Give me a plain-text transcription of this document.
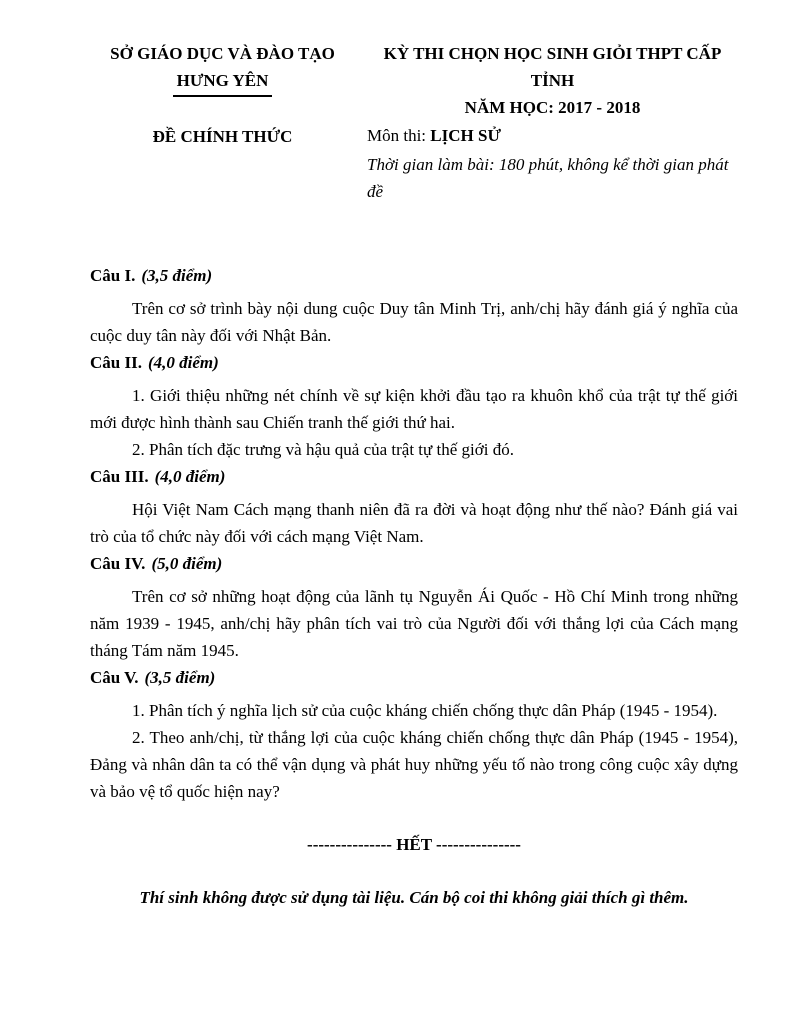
SỞ GIÁO DỤC VÀ ĐÀO TẠO
HƯNG YÊN
ĐỀ CHÍNH THỨC
KỲ THI CHỌN HỌC SINH GIỎI THPT CẤP TỈNH
NĂM HỌC: 2017 - 2018
Môn thi: LỊCH SỬ
Thời gian làm bài: 180 phút, không kể thời gian phát đề

Câu I. (3,5 điểm)

Trên cơ sở trình bày nội dung cuộc Duy tân Minh Trị, anh/chị hãy đánh giá ý nghĩa của cuộc duy tân này đối với Nhật Bản.

Câu II. (4,0 điểm)

1. Giới thiệu những nét chính về sự kiện khởi đầu tạo ra khuôn khổ của trật tự thế giới mới được hình thành sau Chiến tranh thế giới thứ hai.

2. Phân tích đặc trưng và hậu quả của trật tự thế giới đó.

Câu III. (4,0 điểm)

Hội Việt Nam Cách mạng thanh niên đã ra đời và hoạt động như thế nào? Đánh giá vai trò của tổ chức này đối với cách mạng Việt Nam.

Câu IV. (5,0 điểm)

Trên cơ sở những hoạt động của lãnh tụ Nguyễn Ái Quốc - Hồ Chí Minh trong những năm 1939 - 1945, anh/chị hãy phân tích vai trò của Người đối với thắng lợi của Cách mạng tháng Tám năm 1945.

Câu V. (3,5 điểm)

1. Phân tích ý nghĩa lịch sử của cuộc kháng chiến chống thực dân Pháp (1945 - 1954).

2. Theo anh/chị, từ thắng lợi của cuộc kháng chiến chống thực dân Pháp (1945 - 1954), Đảng và nhân dân ta có thể vận dụng và phát huy những yếu tố nào trong công cuộc xây dựng và bảo vệ tổ quốc hiện nay?

--------------- HẾT ---------------

Thí sinh không được sử dụng tài liệu. Cán bộ coi thi không giải thích gì thêm.
